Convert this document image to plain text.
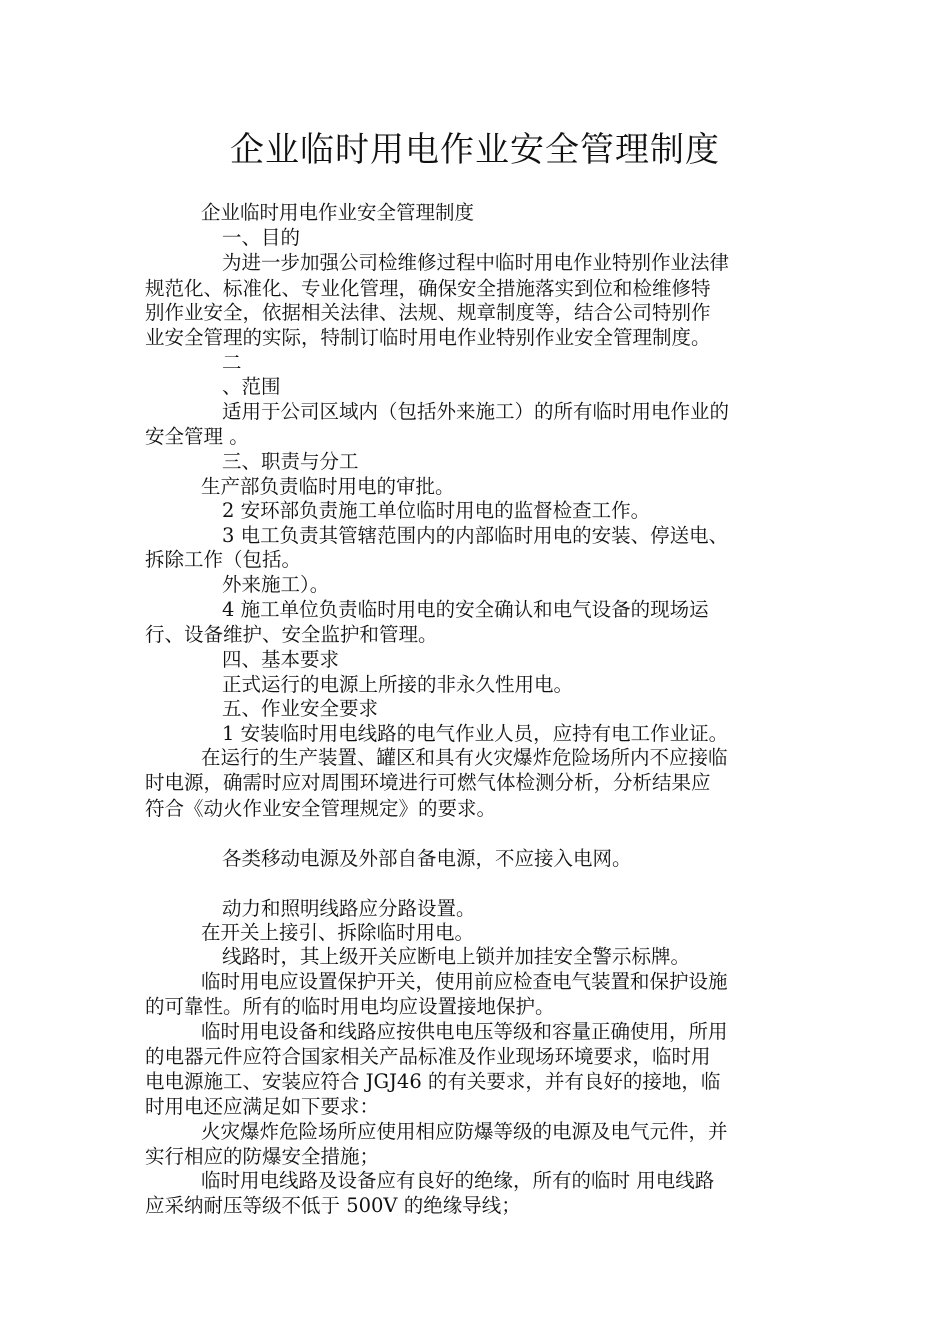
企业临时用电作业安全管理制度

企业临时用电作业安全管理制度

一、目的

为进一步加强公司检维修过程中临时用电作业特别作业法律

规范化、标准化、专业化管理，确保安全措施落实到位和检维修特

别作业安全，依据相关法律、法规、规章制度等，结合公司特别作

业安全管理的实际，特制订临时用电作业特别作业安全管理制度。

二

、范围

适用于公司区域内（包括外来施工）的所有临时用电作业的

安全管理 。

三、职责与分工

生产部负责临时用电的审批。

2 安环部负责施工单位临时用电的监督检查工作。

3 电工负责其管辖范围内的内部临时用电的安装、停送电、

拆除工作（包括。

外来施工）。

4 施工单位负责临时用电的安全确认和电气设备的现场运

行、设备维护、安全监护和管理。

四、基本要求

正式运行的电源上所接的非永久性用电。

五、作业安全要求

1 安装临时用电线路的电气作业人员，应持有电工作业证。

在运行的生产装置、罐区和具有火灾爆炸危险场所内不应接临

时电源，确需时应对周围环境进行可燃气体检测分析，分析结果应

符合《动火作业安全管理规定》的要求。

各类移动电源及外部自备电源，不应接入电网。

动力和照明线路应分路设置。

在开关上接引、拆除临时用电。

线路时，其上级开关应断电上锁并加挂安全警示标牌。

临时用电应设置保护开关，使用前应检查电气装置和保护设施

的可靠性。所有的临时用电均应设置接地保护。

临时用电设备和线路应按供电电压等级和容量正确使用，所用

的电器元件应符合国家相关产品标准及作业现场环境要求，临时用

电电源施工、安装应符合 JGJ46 的有关要求，并有良好的接地，临

时用电还应满足如下要求：

火灾爆炸危险场所应使用相应防爆等级的电源及电气元件，并

实行相应的防爆安全措施；

临时用电线路及设备应有良好的绝缘，所有的临时 用电线路

应采纳耐压等级不低于 500V 的绝缘导线；
